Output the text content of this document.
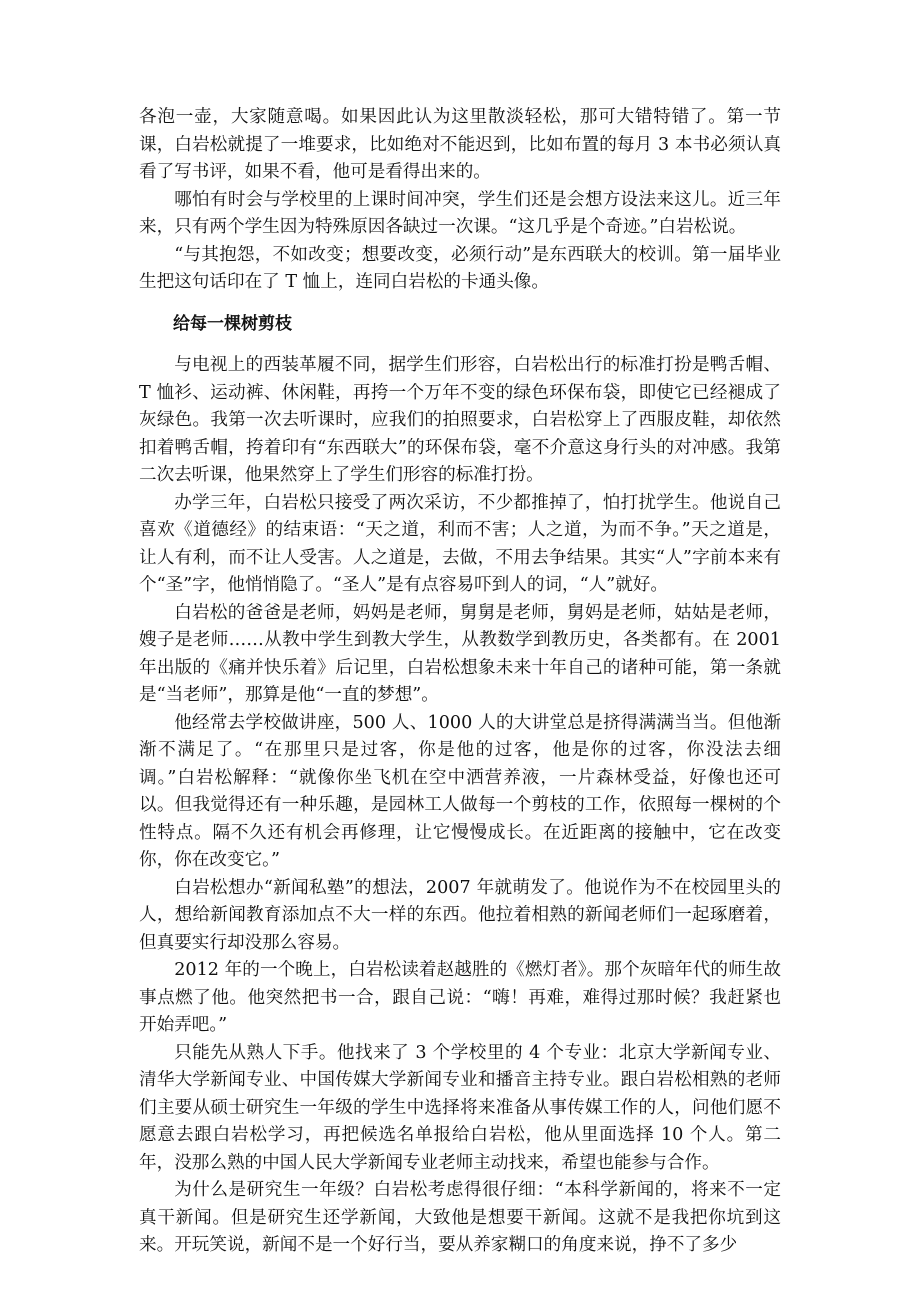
各泡一壶，大家随意喝。如果因此认为这里散淡轻松，那可大错特错了。第一节课，白岩松就提了一堆要求，比如绝对不能迟到，比如布置的每月 3 本书必须认真看了写书评，如果不看，他可是看得出来的。

哪怕有时会与学校里的上课时间冲突，学生们还是会想方设法来这儿。近三年来，只有两个学生因为特殊原因各缺过一次课。“这几乎是个奇迹。”白岩松说。

“与其抱怨，不如改变；想要改变，必须行动”是东西联大的校训。第一届毕业生把这句话印在了 T 恤上，连同白岩松的卡通头像。

给每一棵树剪枝

与电视上的西装革履不同，据学生们形容，白岩松出行的标准打扮是鸭舌帽、T 恤衫、运动裤、休闲鞋，再挎一个万年不变的绿色环保布袋，即使它已经褪成了灰绿色。我第一次去听课时，应我们的拍照要求，白岩松穿上了西服皮鞋，却依然扣着鸭舌帽，挎着印有“东西联大”的环保布袋，毫不介意这身行头的对冲感。我第二次去听课，他果然穿上了学生们形容的标准打扮。

办学三年，白岩松只接受了两次采访，不少都推掉了，怕打扰学生。他说自己喜欢《道德经》的结束语：“天之道，利而不害；人之道，为而不争。”天之道是，让人有利，而不让人受害。人之道是，去做，不用去争结果。其实“人”字前本来有个“圣”字，他悄悄隐了。“圣人”是有点容易吓到人的词，“人”就好。

白岩松的爸爸是老师，妈妈是老师，舅舅是老师，舅妈是老师，姑姑是老师，嫂子是老师……从教中学生到教大学生，从教数学到教历史，各类都有。在 2001 年出版的《痛并快乐着》后记里，白岩松想象未来十年自己的诸种可能，第一条就是“当老师”，那算是他“一直的梦想”。

他经常去学校做讲座，500 人、1000 人的大讲堂总是挤得满满当当。但他渐渐不满足了。“在那里只是过客，你是他的过客，他是你的过客，你没法去细调。”白岩松解释：“就像你坐飞机在空中洒营养液，一片森林受益，好像也还可以。但我觉得还有一种乐趣，是园林工人做每一个剪枝的工作，依照每一棵树的个性特点。隔不久还有机会再修理，让它慢慢成长。在近距离的接触中，它在改变你，你在改变它。”

白岩松想办“新闻私塾”的想法，2007 年就萌发了。他说作为不在校园里头的人，想给新闻教育添加点不大一样的东西。他拉着相熟的新闻老师们一起琢磨着，但真要实行却没那么容易。

2012 年的一个晚上，白岩松读着赵越胜的《燃灯者》。那个灰暗年代的师生故事点燃了他。他突然把书一合，跟自己说：“嗨！再难，难得过那时候？我赶紧也开始弄吧。”

只能先从熟人下手。他找来了 3 个学校里的 4 个专业：北京大学新闻专业、清华大学新闻专业、中国传媒大学新闻专业和播音主持专业。跟白岩松相熟的老师们主要从硕士研究生一年级的学生中选择将来准备从事传媒工作的人，问他们愿不愿意去跟白岩松学习，再把候选名单报给白岩松，他从里面选择 10 个人。第二年，没那么熟的中国人民大学新闻专业老师主动找来，希望也能参与合作。

为什么是研究生一年级？白岩松考虑得很仔细：“本科学新闻的，将来不一定真干新闻。但是研究生还学新闻，大致他是想要干新闻。这就不是我把你坑到这来。开玩笑说，新闻不是一个好行当，要从养家糊口的角度来说，挣不了多少
